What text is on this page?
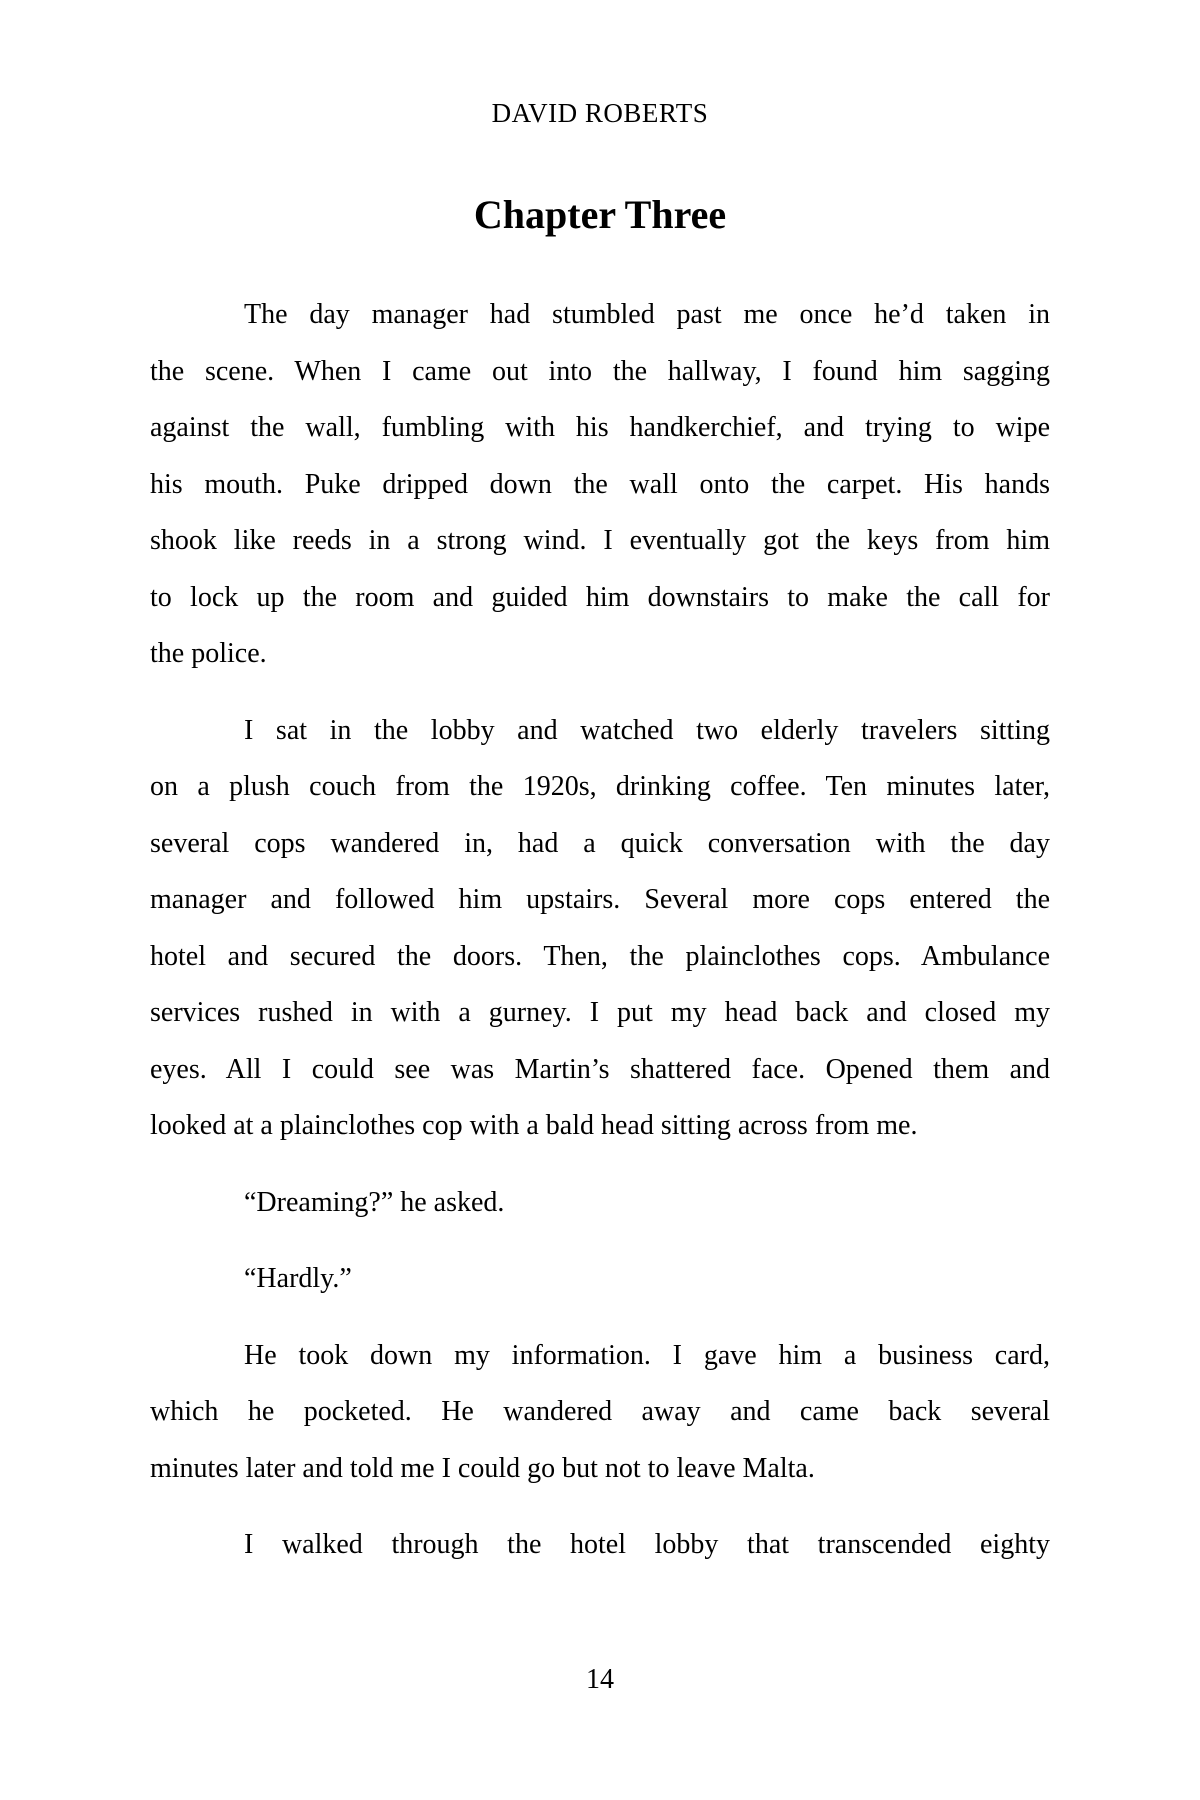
DAVID ROBERTS
Chapter Three
The day manager had stumbled past me once he’d taken in
the scene. When I came out into the hallway, I found him sagging
against the wall, fumbling with his handkerchief, and trying to wipe
his mouth. Puke dripped down the wall onto the carpet. His hands
shook like reeds in a strong wind. I eventually got the keys from him
to lock up the room and guided him downstairs to make the call for
the police.
I sat in the lobby and watched two elderly travelers sitting
on a plush couch from the 1920s, drinking coffee. Ten minutes later,
several cops wandered in, had a quick conversation with the day
manager and followed him upstairs. Several more cops entered the
hotel and secured the doors. Then, the plainclothes cops. Ambulance
services rushed in with a gurney. I put my head back and closed my
eyes. All I could see was Martin’s shattered face. Opened them and
looked at a plainclothes cop with a bald head sitting across from me.
“Dreaming?” he asked.
“Hardly.”
He took down my information. I gave him a business card,
which he pocketed. He wandered away and came back several
minutes later and told me I could go but not to leave Malta.
I walked through the hotel lobby that transcended eighty
14
